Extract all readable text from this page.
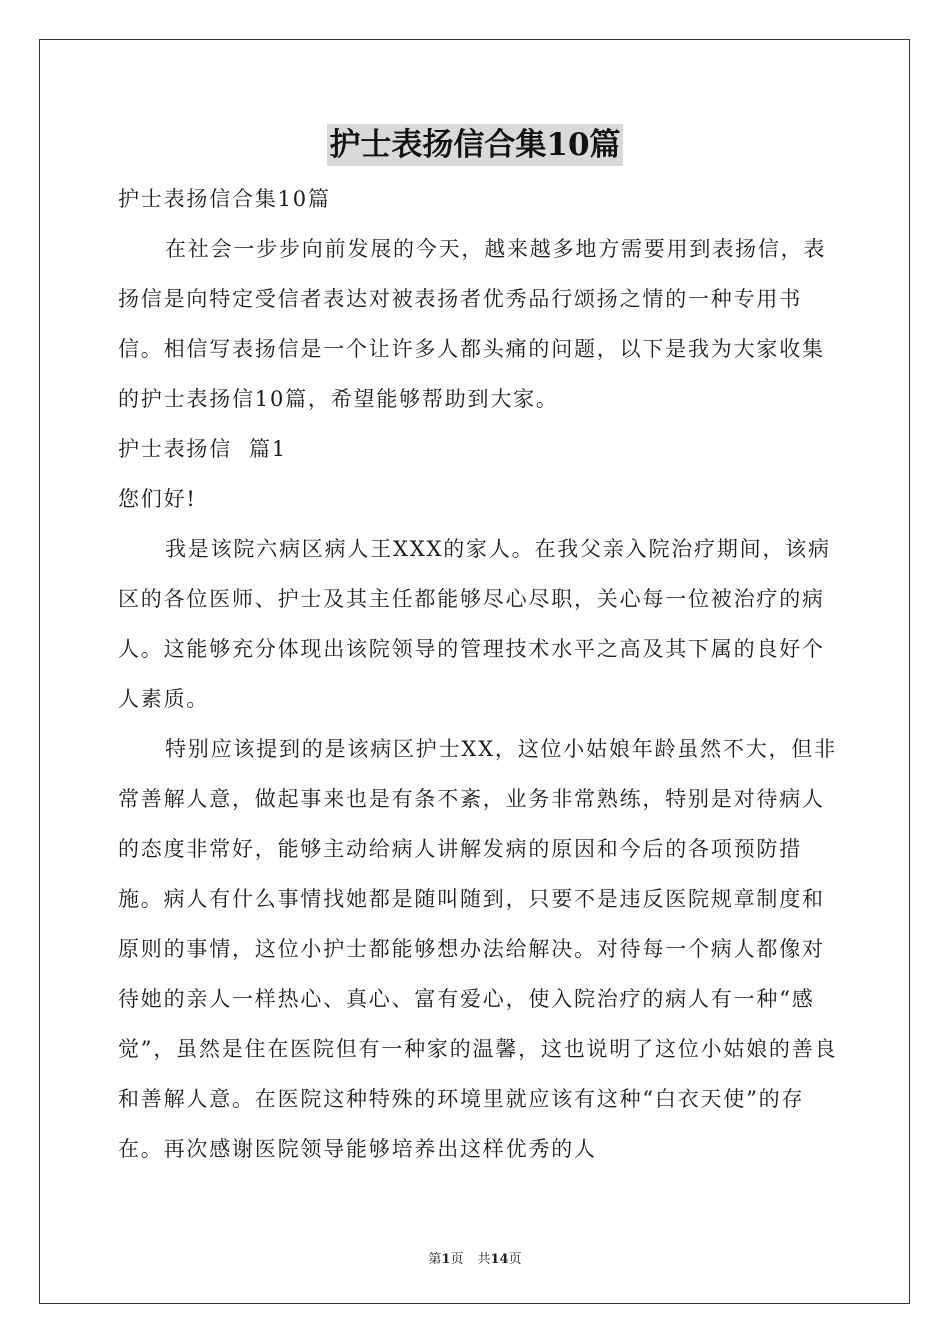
护士表扬信合集10篇

护士表扬信合集10篇

在社会一步步向前发展的今天，越来越多地方需要用到表扬信，表扬信是向特定受信者表达对被表扬者优秀品行颂扬之情的一种专用书信。相信写表扬信是一个让许多人都头痛的问题，以下是我为大家收集的护士表扬信10篇，希望能够帮助到大家。

护士表扬信  篇1

您们好!

我是该院六病区病人王XXX的家人。在我父亲入院治疗期间，该病区的各位医师、护士及其主任都能够尽心尽职，关心每一位被治疗的病人。这能够充分体现出该院领导的管理技术水平之高及其下属的良好个人素质。

特别应该提到的是该病区护士XX，这位小姑娘年龄虽然不大，但非常善解人意，做起事来也是有条不紊，业务非常熟练，特别是对待病人的态度非常好，能够主动给病人讲解发病的原因和今后的各项预防措施。病人有什么事情找她都是随叫随到，只要不是违反医院规章制度和原则的事情，这位小护士都能够想办法给解决。对待每一个病人都像对待她的亲人一样热心、真心、富有爱心，使入院治疗的病人有一种“感觉”，虽然是住在医院但有一种家的温馨，这也说明了这位小姑娘的善良和善解人意。在医院这种特殊的环境里就应该有这种“白衣天使”的存在。再次感谢医院领导能够培养出这样优秀的人

第1页 共14页
